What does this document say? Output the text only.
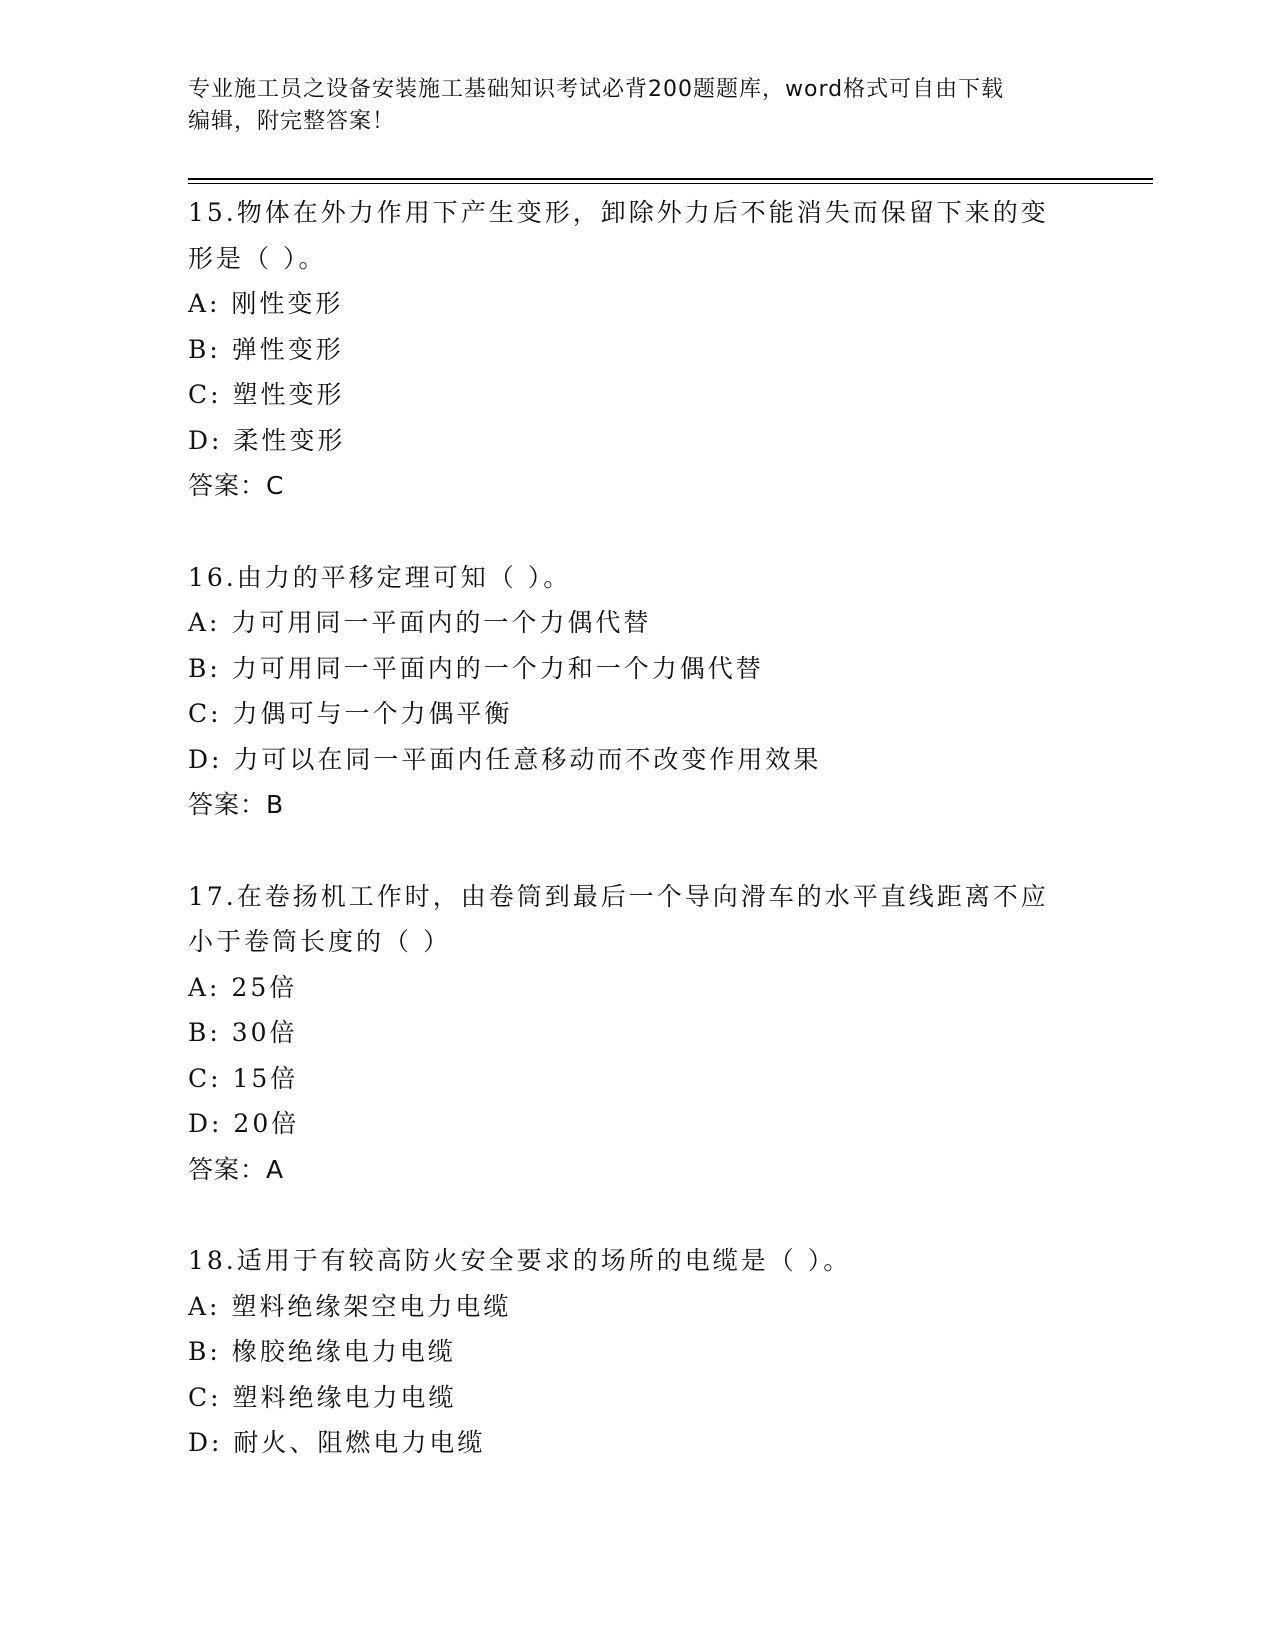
专业施工员之设备安装施工基础知识考试必背200题题库，word格式可自由下载
编辑，附完整答案！
15.物体在外力作用下产生变形，卸除外力后不能消失而保留下来的变
形是（ ）。
A: 刚性变形
B: 弹性变形
C: 塑性变形
D: 柔性变形
答案：C
16.由力的平移定理可知（ ）。
A: 力可用同一平面内的一个力偶代替
B: 力可用同一平面内的一个力和一个力偶代替
C: 力偶可与一个力偶平衡
D: 力可以在同一平面内任意移动而不改变作用效果
答案：B
17.在卷扬机工作时，由卷筒到最后一个导向滑车的水平直线距离不应
小于卷筒长度的（ ）
A: 25倍
B: 30倍
C: 15倍
D: 20倍
答案：A
18.适用于有较高防火安全要求的场所的电缆是（ ）。
A: 塑料绝缘架空电力电缆
B: 橡胶绝缘电力电缆
C: 塑料绝缘电力电缆
D: 耐火、阻燃电力电缆
